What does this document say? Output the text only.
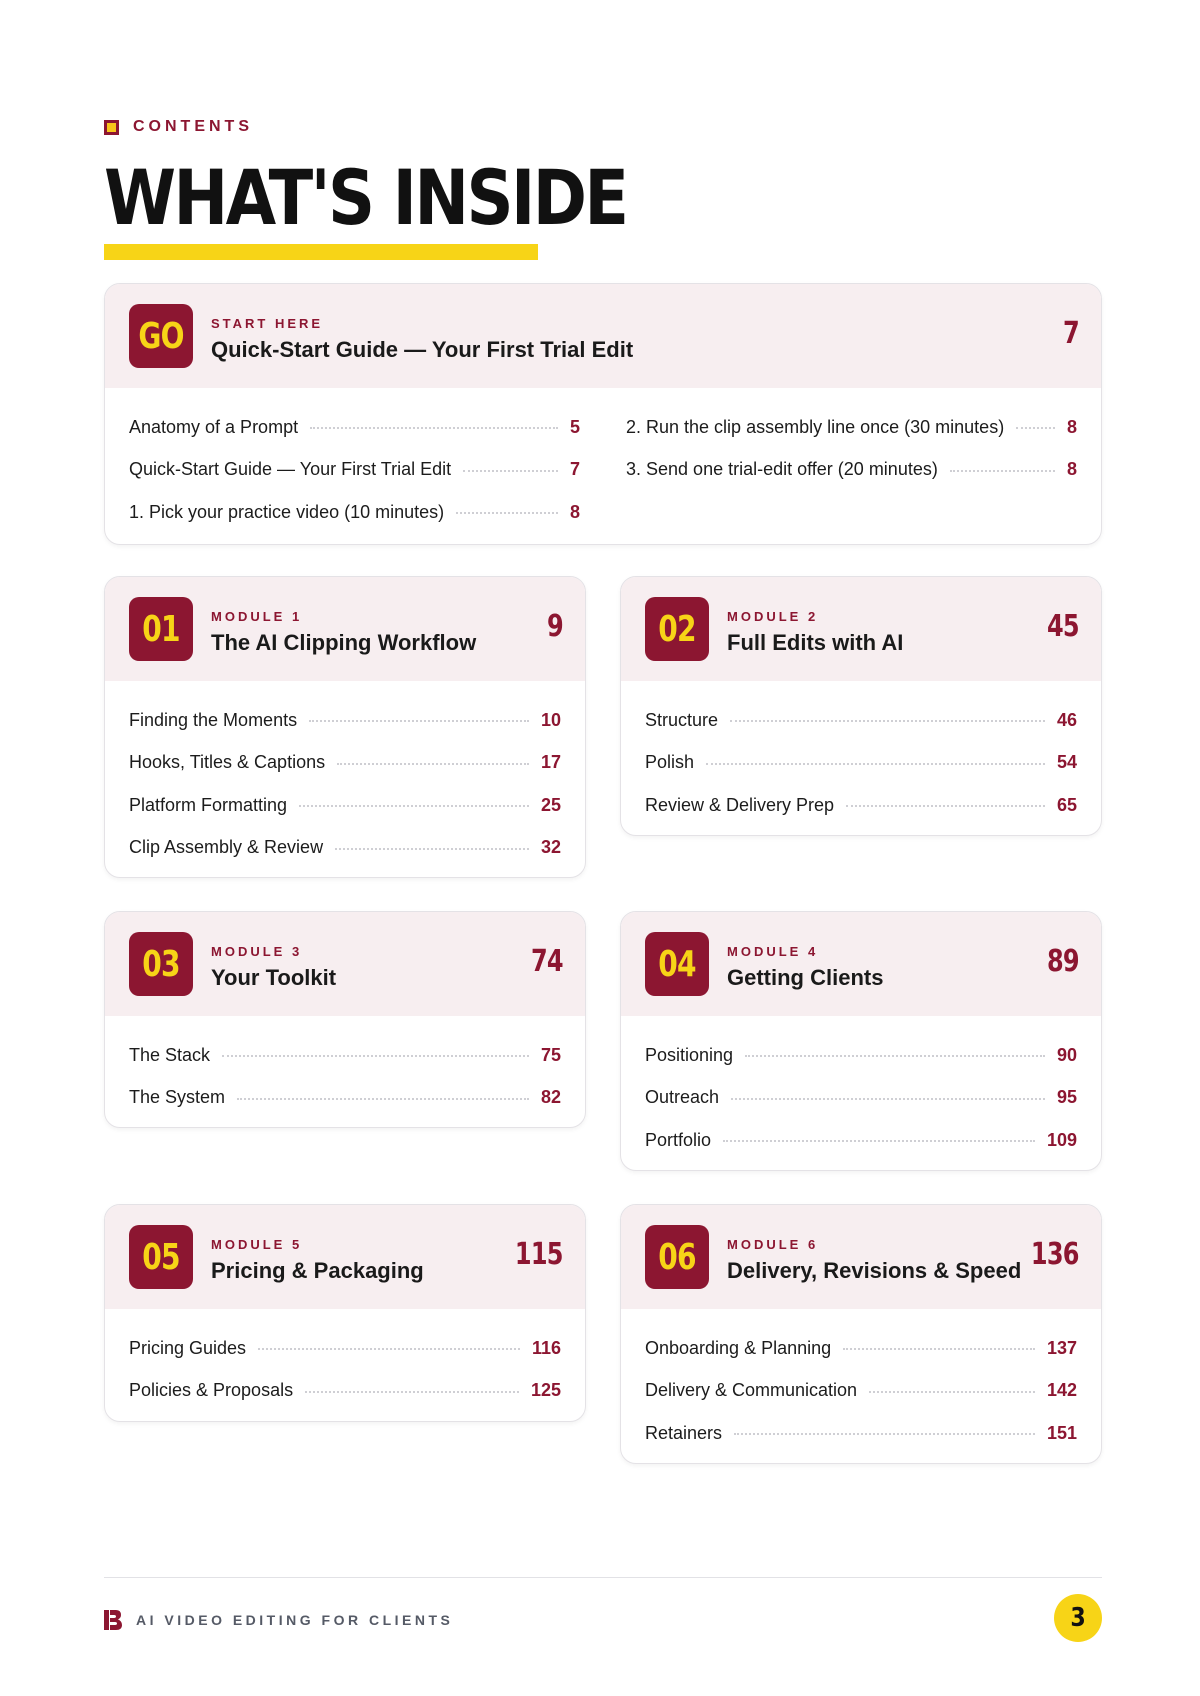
CONTENTS
WHAT'S INSIDE
GO START HERE
Quick-Start Guide — Your First Trial Edit	7
Anatomy of a Prompt	5	2. Run the clip assembly line once (30 minutes)	8
Quick-Start Guide — Your First Trial Edit	7	3. Send one trial-edit offer (20 minutes)	8
1. Pick your practice video (10 minutes)	8
01 MODULE 1
The AI Clipping Workflow 9
Finding the Moments	10
Hooks, Titles & Captions	17
Platform Formatting	25
Clip Assembly & Review	32
02 MODULE 2
Full Edits with AI	45
Structure	46
Polish	54
Review & Delivery Prep	65
03 MODULE 3
Your Toolkit	74
The Stack	75
The System	82
04 MODULE 4
Getting Clients	89
Positioning	90
Outreach	95
Portfolio	109
05 MODULE 5
Pricing & Packaging	115
Pricing Guides	116
Policies & Proposals	125
06 MODULE 6
Delivery, Revisions & Speed 136
Onboarding & Planning	137
Delivery & Communication	142
Retainers	151
AI VIDEO EDITING FOR CLIENTS	3
